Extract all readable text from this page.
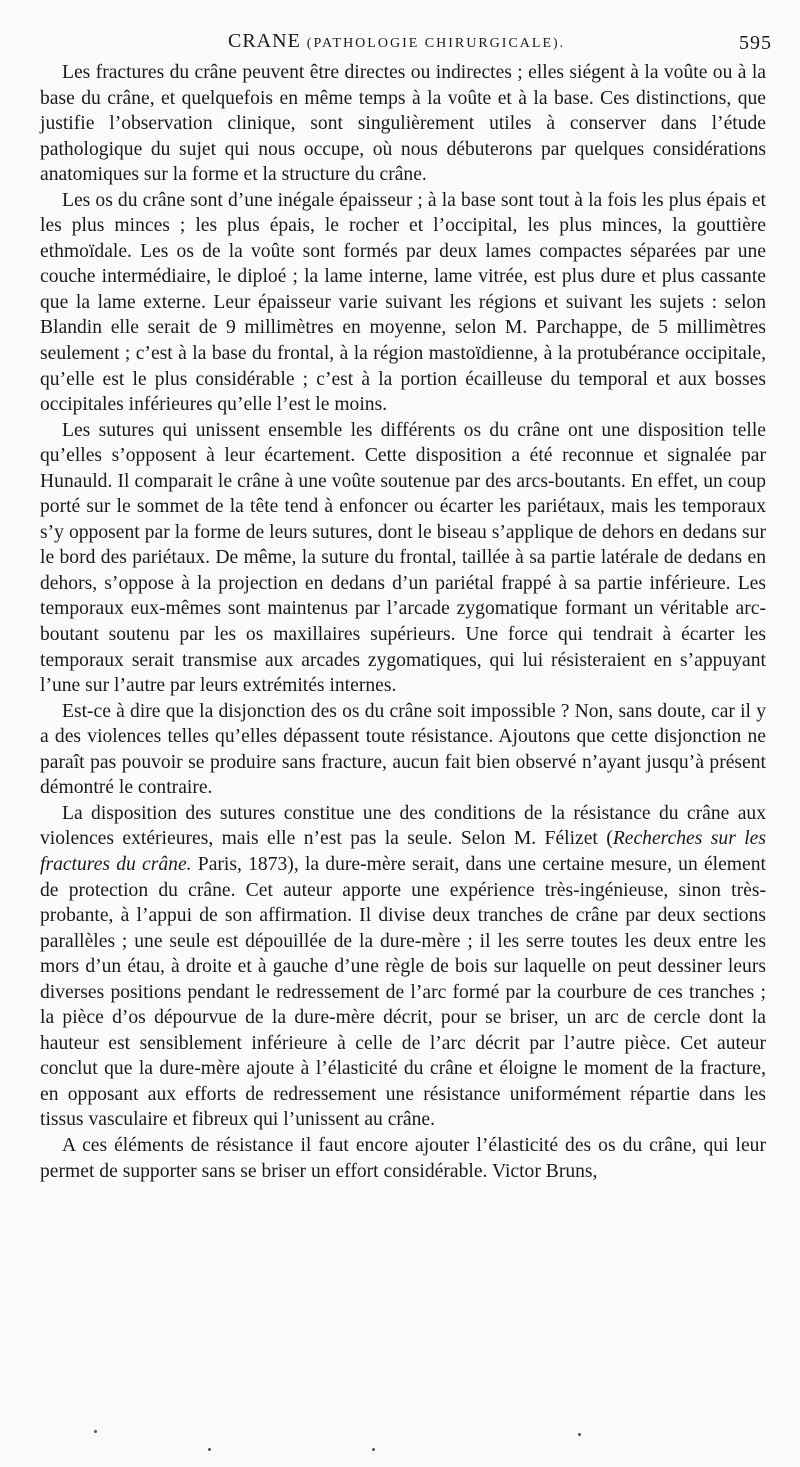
CRANE (PATHOLOGIE CHIRURGICALE).	595

Les fractures du crâne peuvent être directes ou indirectes ; elles siégent à la voûte ou à la base du crâne, et quelquefois en même temps à la voûte et à la base. Ces distinctions, que justifie l’observation clinique, sont singulièrement utiles à conserver dans l’étude pathologique du sujet qui nous occupe, où nous débuterons par quelques considérations anatomiques sur la forme et la structure du crâne.

Les os du crâne sont d’une inégale épaisseur ; à la base sont tout à la fois les plus épais et les plus minces ; les plus épais, le rocher et l’occipital, les plus minces, la gouttière ethmoïdale. Les os de la voûte sont formés par deux lames compactes séparées par une couche intermédiaire, le diploé ; la lame interne, lame vitrée, est plus dure et plus cassante que la lame externe. Leur épaisseur varie suivant les régions et suivant les sujets : selon Blandin elle serait de 9 millimètres en moyenne, selon M. Parchappe, de 5 millimètres seulement ; c’est à la base du frontal, à la région mastoïdienne, à la protubérance occipitale, qu’elle est le plus considérable ; c’est à la portion écailleuse du temporal et aux bosses occipitales inférieures qu’elle l’est le moins.

Les sutures qui unissent ensemble les différents os du crâne ont une disposition telle qu’elles s’opposent à leur écartement. Cette disposition a été reconnue et signalée par Hunauld. Il comparait le crâne à une voûte soutenue par des arcs-boutants. En effet, un coup porté sur le sommet de la tête tend à enfoncer ou écarter les pariétaux, mais les temporaux s’y opposent par la forme de leurs sutures, dont le biseau s’applique de dehors en dedans sur le bord des pariétaux. De même, la suture du frontal, taillée à sa partie latérale de dedans en dehors, s’oppose à la projection en dedans d’un pariétal frappé à sa partie inférieure. Les temporaux eux-mêmes sont maintenus par l’arcade zygomatique formant un véritable arc-boutant soutenu par les os maxillaires supérieurs. Une force qui tendrait à écarter les temporaux serait transmise aux arcades zygomatiques, qui lui résisteraient en s’appuyant l’une sur l’autre par leurs extrémités internes.

Est-ce à dire que la disjonction des os du crâne soit impossible ? Non, sans doute, car il y a des violences telles qu’elles dépassent toute résistance. Ajoutons que cette disjonction ne paraît pas pouvoir se produire sans fracture, aucun fait bien observé n’ayant jusqu’à présent démontré le contraire.

La disposition des sutures constitue une des conditions de la résistance du crâne aux violences extérieures, mais elle n’est pas la seule. Selon M. Félizet (Recherches sur les fractures du crâne. Paris, 1873), la dure-mère serait, dans une certaine mesure, un élement de protection du crâne. Cet auteur apporte une expérience très-ingénieuse, sinon très-probante, à l’appui de son affirmation. Il divise deux tranches de crâne par deux sections parallèles ; une seule est dépouillée de la dure-mère ; il les serre toutes les deux entre les mors d’un étau, à droite et à gauche d’une règle de bois sur laquelle on peut dessiner leurs diverses positions pendant le redressement de l’arc formé par la courbure de ces tranches ; la pièce d’os dépourvue de la dure-mère décrit, pour se briser, un arc de cercle dont la hauteur est sensiblement inférieure à celle de l’arc décrit par l’autre pièce. Cet auteur conclut que la dure-mère ajoute à l’élasticité du crâne et éloigne le moment de la fracture, en opposant aux efforts de redressement une résistance uniformément répartie dans les tissus vasculaire et fibreux qui l’unissent au crâne.

A ces éléments de résistance il faut encore ajouter l’élasticité des os du crâne, qui leur permet de supporter sans se briser un effort considérable. Victor Bruns,
